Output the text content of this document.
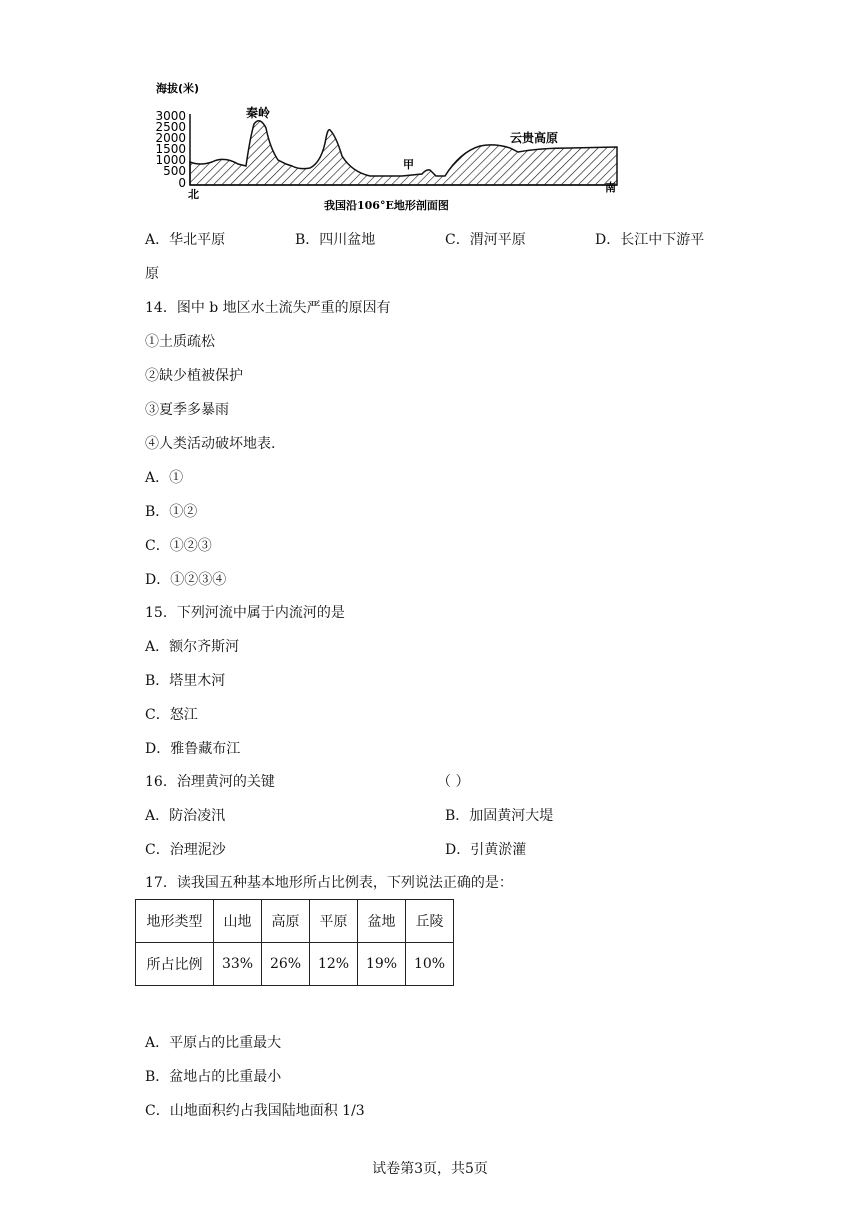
海拔(米)
3000
2500
2000
1500
1000
500
0
秦岭
甲
云贵高原
北
南
我国沿106°E地形剖面图
A．华北平原	B．四川盆地	C．渭河平原	D．长江中下游平
原
14．图中 b 地区水土流失严重的原因有
①土质疏松
②缺少植被保护
③夏季多暴雨
④人类活动破坏地表.
A．①
B．①②
C．①②③
D．①②③④
15．下列河流中属于内流河的是
A．额尔齐斯河
B．塔里木河
C．怒江
D．雅鲁藏布江
16．治理黄河的关键	（ ）
A．防治凌汛	B．加固黄河大堤
C．治理泥沙	D．引黄淤灌
17．读我国五种基本地形所占比例表，下列说法正确的是：
地形类型	山地	高原	平原	盆地	丘陵
所占比例	33%	26%	12%	19%	10%
A．平原占的比重最大
B．盆地占的比重最小
C．山地面积约占我国陆地面积 1/3
试卷第3页，共5页
